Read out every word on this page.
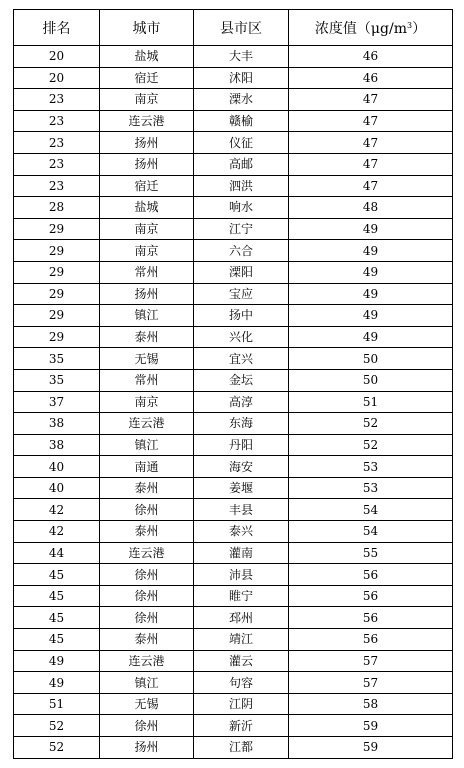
排名	城市	县市区	浓度值$(\mu g/m^3)$
20	盐城	大丰	46
20	宿迁	沭阳	46
23	南京	溧水	47
23	连云港	赣榆	47
23	扬州	仪征	47
23	扬州	高邮	47
23	宿迁	泗洪	47
28	盐城	响水	48
29	南京	江宁	49
29	南京	六合	49
29	常州	溧阳	49
29	扬州	宝应	49
29	镇江	扬中	49
29	泰州	兴化	49
35	无锡	宜兴	50
35	常州	金坛	50
37	南京	高淳	51
38	连云港	东海	52
38	镇江	丹阳	52
40	南通	海安	53
40	泰州	姜堰	53
42	徐州	丰县	54
42	泰州	泰兴	54
44	连云港	灌南	55
45	徐州	沛县	56
45	徐州	睢宁	56
45	徐州	邳州	56
45	泰州	靖江	56
49	连云港	灌云	57
49	镇江	句容	57
51	无锡	江阴	58
52	徐州	新沂	59
52	扬州	江都	59
